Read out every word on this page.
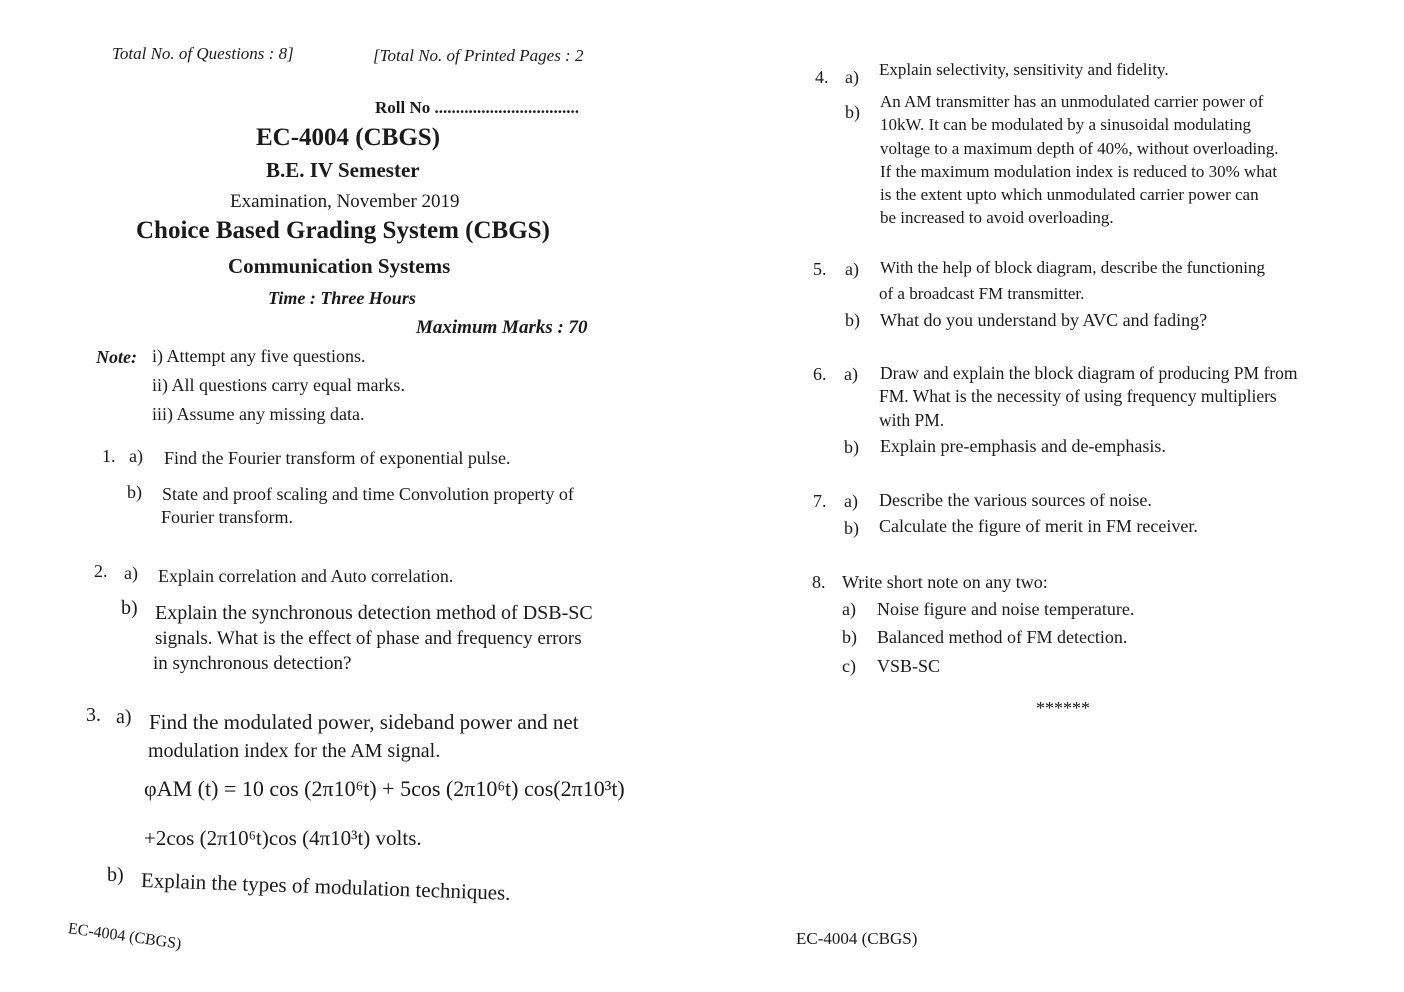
Total No. of Questions : 8]	[Total No. of Printed Pages : 2
Roll No ..................................
EC-4004 (CBGS)
B.E. IV Semester
Examination, November 2019
Choice Based Grading System (CBGS)
Communication Systems
Time : Three Hours
Maximum Marks : 70
Note: i) Attempt any five questions.
ii) All questions carry equal marks.
iii) Assume any missing data.
1. a) Find the Fourier transform of exponential pulse.
b) State and proof scaling and time Convolution property of
Fourier transform.
2. a) Explain correlation and Auto correlation.
b) Explain the synchronous detection method of DSB-SC
signals. What is the effect of phase and frequency errors
in synchronous detection?
3. a) Find the modulated power, sideband power and net
modulation index for the AM signal.
φAM (t) = 10 cos (2π10⁶t) + 5cos (2π10⁶t) cos(2π10³t)
+2cos (2π10⁶t)cos (4π10³t) volts.
b) Explain the types of modulation techniques.
EC-4004 (CBGS)
4. a) Explain selectivity, sensitivity and fidelity.
b)
An AM transmitter has an unmodulated carrier power of
10kW. It can be modulated by a sinusoidal modulating
voltage to a maximum depth of 40%, without overloading.
If the maximum modulation index is reduced to 30% what
is the extent upto which unmodulated carrier power can
be increased to avoid overloading.
5. a) With the help of block diagram, describe the functioning
of a broadcast FM transmitter.
b) What do you understand by AVC and fading?
6. a) Draw and explain the block diagram of producing PM from
FM. What is the necessity of using frequency multipliers
with PM.
b) Explain pre-emphasis and de-emphasis.
7. a) Describe the various sources of noise.
b) Calculate the figure of merit in FM receiver.
8. Write short note on any two:
a) Noise figure and noise temperature.
b) Balanced method of FM detection.
c) VSB-SC
******
EC-4004 (CBGS)
